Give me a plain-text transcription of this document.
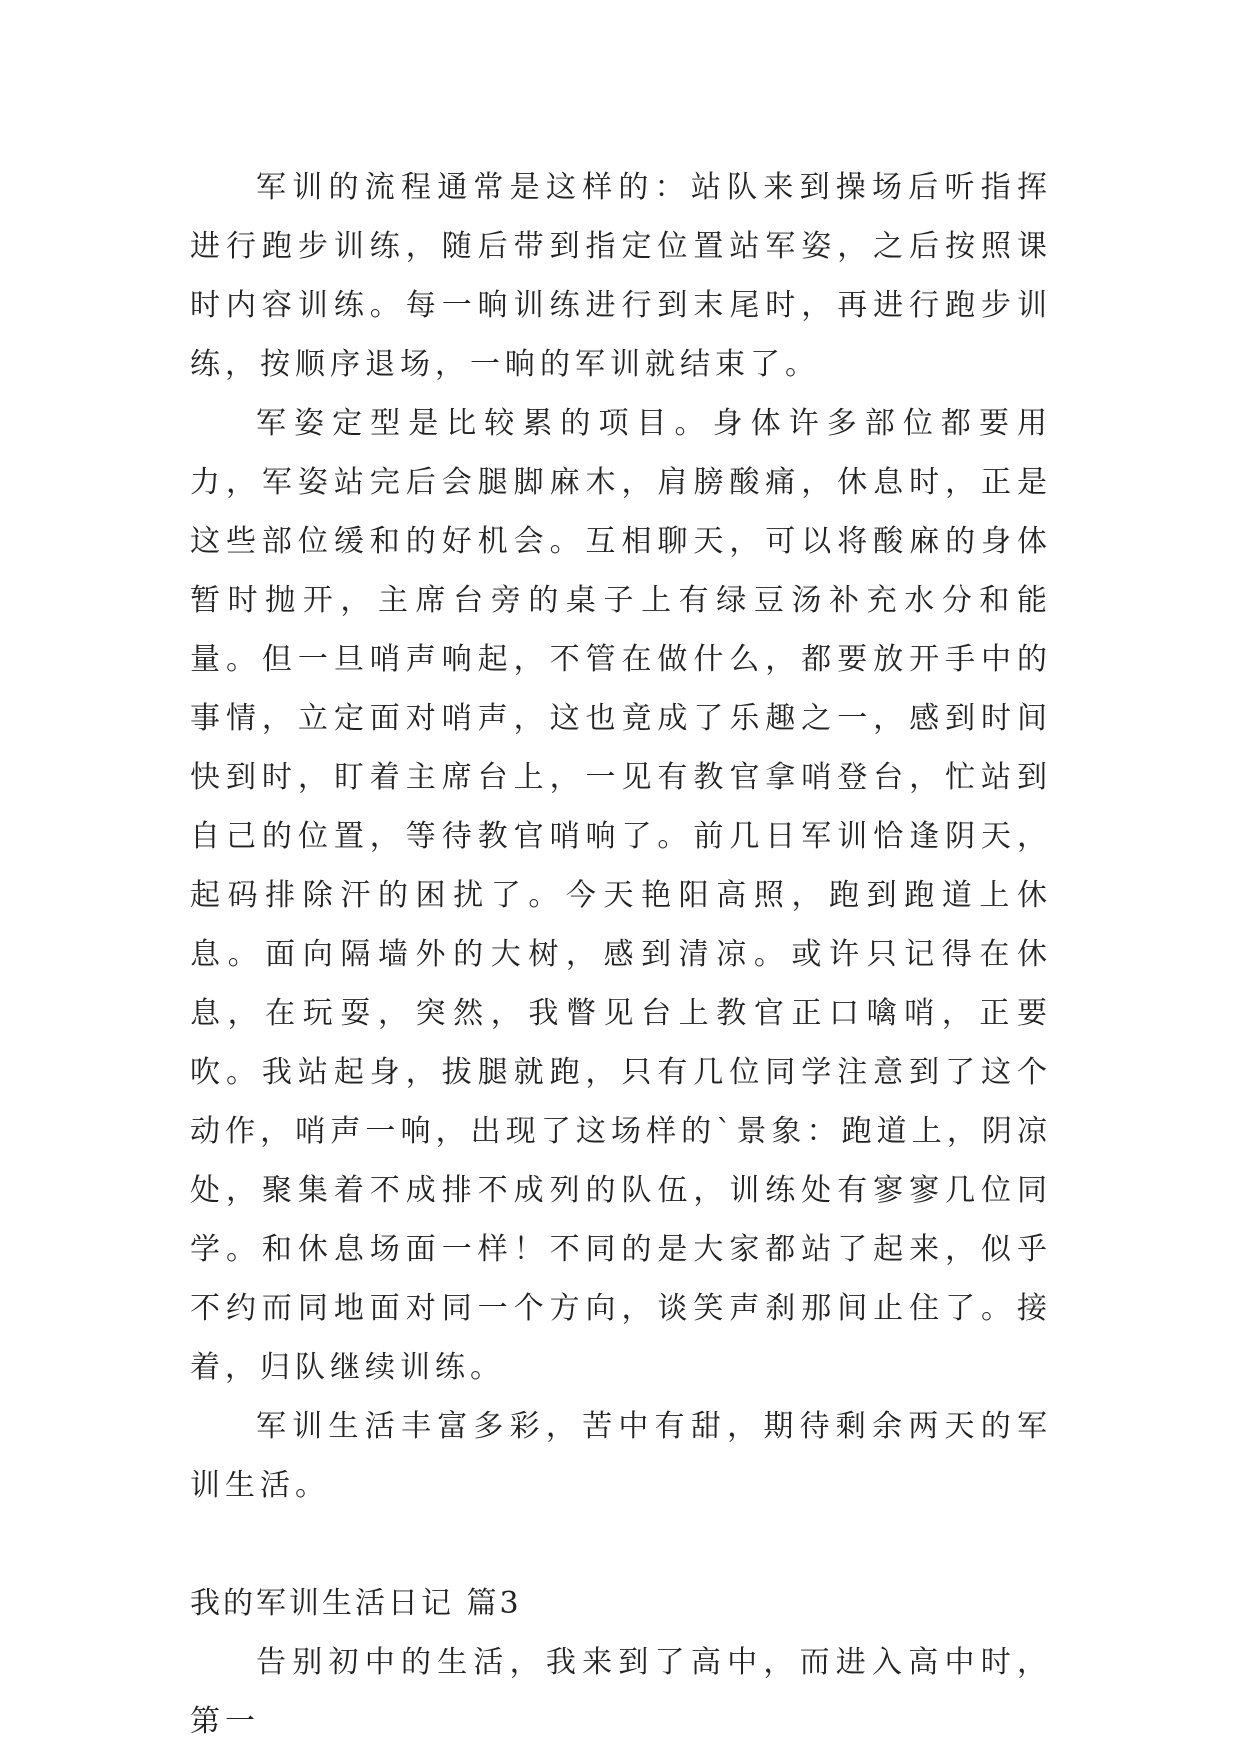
军训的流程通常是这样的：站队来到操场后听指挥进行跑步训练，随后带到指定位置站军姿，之后按照课时内容训练。每一晌训练进行到末尾时，再进行跑步训练，按顺序退场，一晌的军训就结束了。

军姿定型是比较累的项目。身体许多部位都要用力，军姿站完后会腿脚麻木，肩膀酸痛，休息时，正是这些部位缓和的好机会。互相聊天，可以将酸麻的身体暂时抛开，主席台旁的桌子上有绿豆汤补充水分和能量。但一旦哨声响起，不管在做什么，都要放开手中的事情，立定面对哨声，这也竟成了乐趣之一，感到时间快到时，盯着主席台上，一见有教官拿哨登台，忙站到自己的位置，等待教官哨响了。前几日军训恰逢阴天，起码排除汗的困扰了。今天艳阳高照，跑到跑道上休息。面向隔墙外的大树，感到清凉。或许只记得在休息，在玩耍，突然，我瞥见台上教官正口噙哨，正要吹。我站起身，拔腿就跑，只有几位同学注意到了这个动作，哨声一响，出现了这场样的`景象：跑道上，阴凉处，聚集着不成排不成列的队伍，训练处有寥寥几位同学。和休息场面一样！不同的是大家都站了起来，似乎不约而同地面对同一个方向，谈笑声刹那间止住了。接着，归队继续训练。

军训生活丰富多彩，苦中有甜，期待剩余两天的军训生活。

我的军训生活日记 篇3

告别初中的生活，我来到了高中，而进入高中时，第一
